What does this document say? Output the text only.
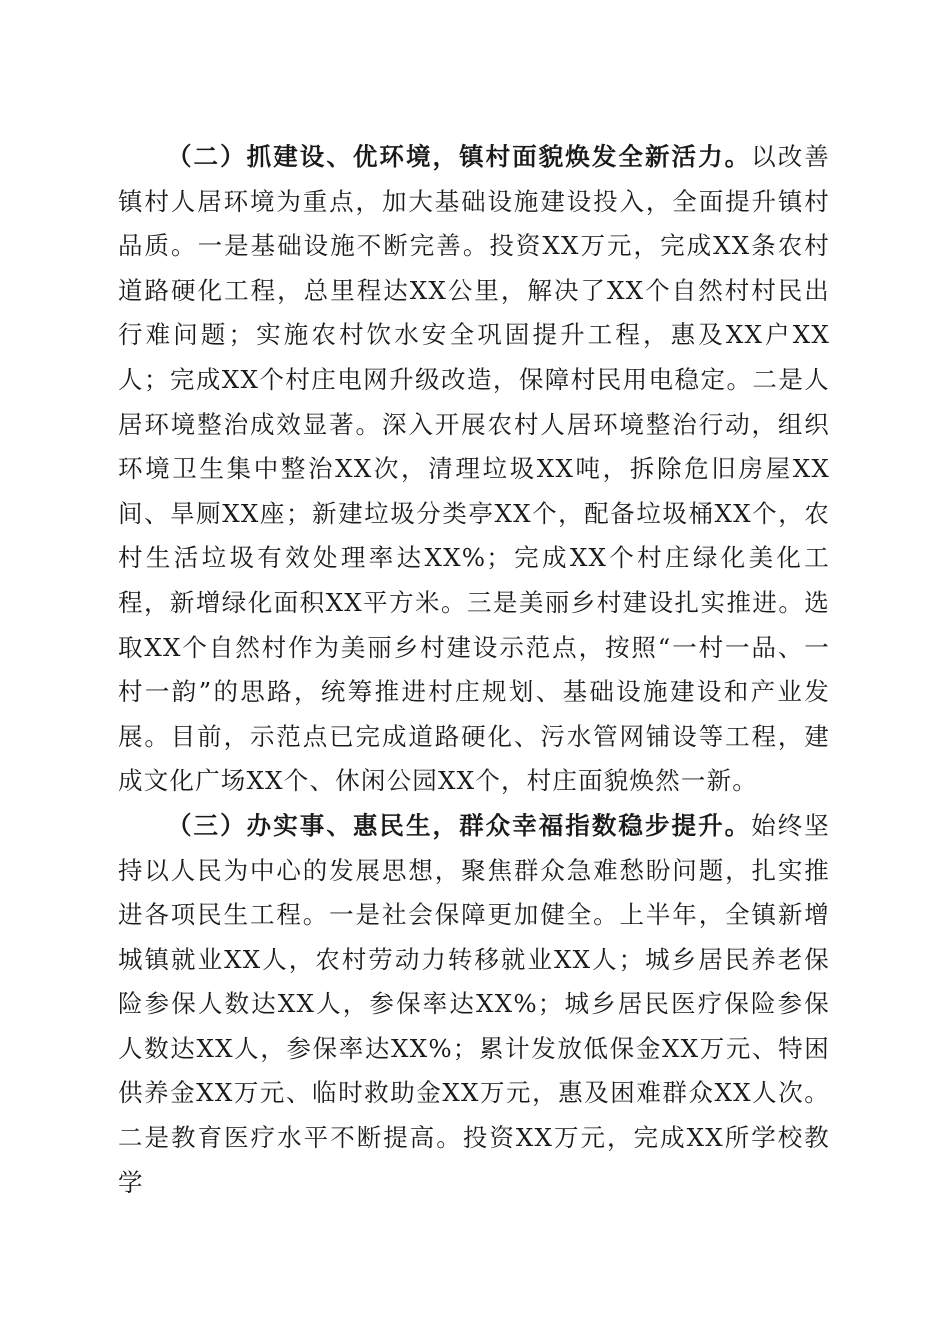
（二）抓建设、优环境，镇村面貌焕发全新活力。以改善镇村人居环境为重点，加大基础设施建设投入，全面提升镇村品质。一是基础设施不断完善。投资XX万元，完成XX条农村道路硬化工程，总里程达XX公里，解决了XX个自然村村民出行难问题；实施农村饮水安全巩固提升工程，惠及XX户XX人；完成XX个村庄电网升级改造，保障村民用电稳定。二是人居环境整治成效显著。深入开展农村人居环境整治行动，组织环境卫生集中整治XX次，清理垃圾XX吨，拆除危旧房屋XX间、旱厕XX座；新建垃圾分类亭XX个，配备垃圾桶XX个，农村生活垃圾有效处理率达XX%；完成XX个村庄绿化美化工程，新增绿化面积XX平方米。三是美丽乡村建设扎实推进。选取XX个自然村作为美丽乡村建设示范点，按照“一村一品、一村一韵”的思路，统筹推进村庄规划、基础设施建设和产业发展。目前，示范点已完成道路硬化、污水管网铺设等工程，建成文化广场XX个、休闲公园XX个，村庄面貌焕然一新。

（三）办实事、惠民生，群众幸福指数稳步提升。始终坚持以人民为中心的发展思想，聚焦群众急难愁盼问题，扎实推进各项民生工程。一是社会保障更加健全。上半年，全镇新增城镇就业XX人，农村劳动力转移就业XX人；城乡居民养老保险参保人数达XX人，参保率达XX%；城乡居民医疗保险参保人数达XX人，参保率达XX%；累计发放低保金XX万元、特困供养金XX万元、临时救助金XX万元，惠及困难群众XX人次。二是教育医疗水平不断提高。投资XX万元，完成XX所学校教学
